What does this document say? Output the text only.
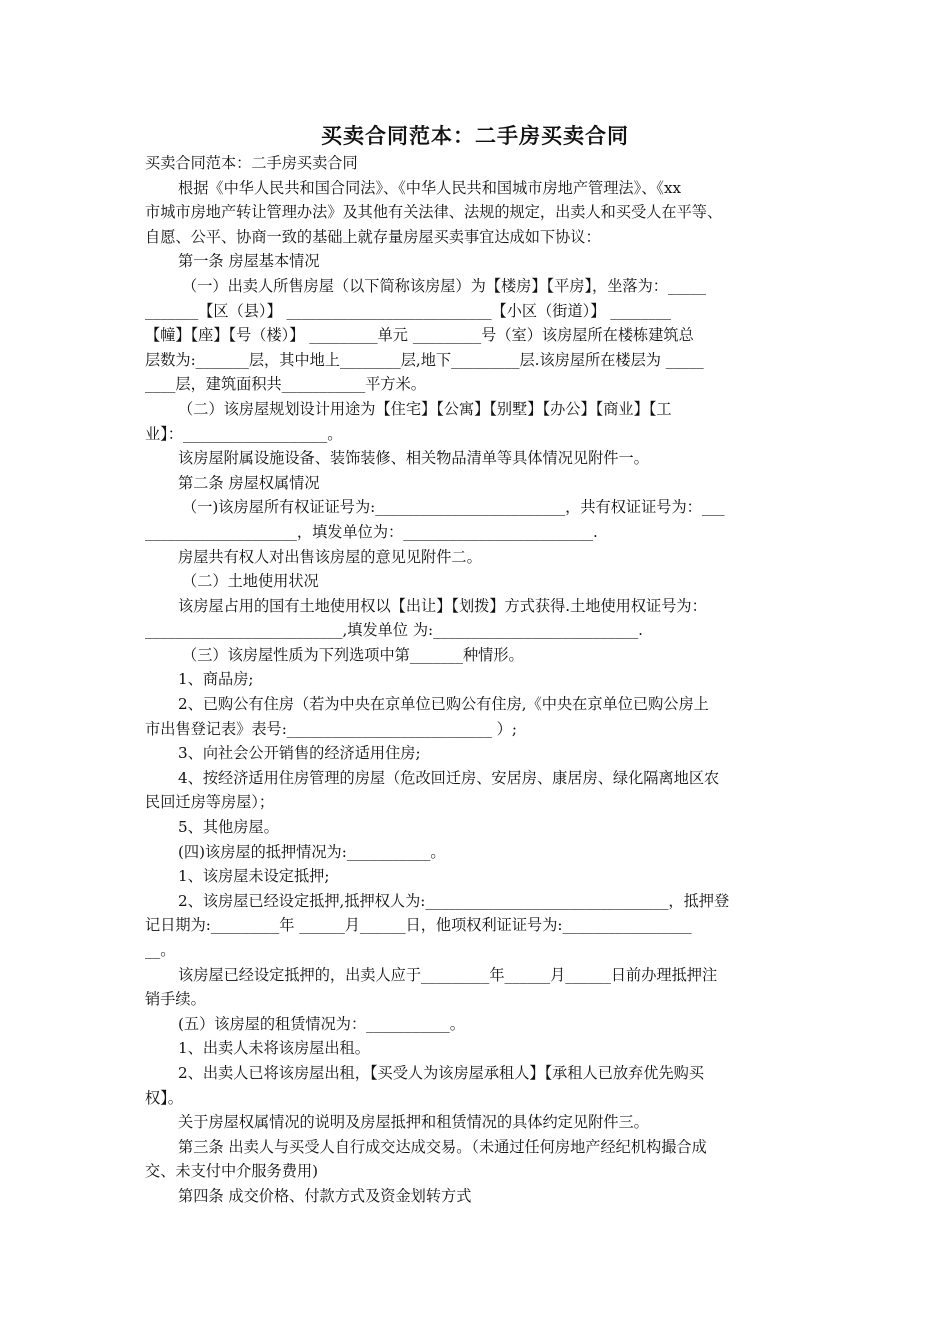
买卖合同范本：二手房买卖合同

买卖合同范本：二手房买卖合同

根据《中华人民共和国合同法》、《中华人民共和国城市房地产管理法》、《xx

市城市房地产转让管理办法》及其他有关法律、法规的规定，出卖人和买受人在平等、

自愿、公平、协商一致的基础上就存量房屋买卖事宜达成如下协议：

第一条 房屋基本情况

（一）出卖人所售房屋（以下简称该房屋）为【楼房】【平房】，坐落为：_____

_______【区（县）】 ___________________________【小区（街道）】 ________

【幢】【座】【号（楼）】 _________单元 _________号（室）该房屋所在楼栋建筑总

层数为:_______层，其中地上________层,地下_________层.该房屋所在楼层为 _____

____层，建筑面积共___________平方米。

（二）该房屋规划设计用途为【住宅】【公寓】【别墅】【办公】【商业】【工

业】：___________________。

该房屋附属设施设备、装饰装修、相关物品清单等具体情况见附件一。

第二条 房屋权属情况

（一)该房屋所有权证证号为:_________________________，共有权证证号为：___

____________________，填发单位为：_________________________.

房屋共有权人对出售该房屋的意见见附件二。

（二）土地使用状况

该房屋占用的国有土地使用权以【出让】【划拨】方式获得.土地使用权证号为：

__________________________,填发单位 为:___________________________.

（三）该房屋性质为下列选项中第_______种情形。

1、商品房;

2、已购公有住房（若为中央在京单位已购公有住房,《中央在京单位已购公房上

市出售登记表》表号:___________________________ ）;

3、向社会公开销售的经济适用住房;

4、按经济适用住房管理的房屋（危改回迁房、安居房、康居房、绿化隔离地区农

民回迁房等房屋）；

5、其他房屋。

(四)该房屋的抵押情况为:___________。

1、该房屋未设定抵押;

2、该房屋已经设定抵押,抵押权人为:________________________________，抵押登

记日期为:_________年 ______月______日，他项权利证证号为:_________________

__。

该房屋已经设定抵押的，出卖人应于_________年______月______日前办理抵押注

销手续。

(五）该房屋的租赁情况为：___________。

1、出卖人未将该房屋出租。

2、出卖人已将该房屋出租，【买受人为该房屋承租人】【承租人已放弃优先购买

权】。

关于房屋权属情况的说明及房屋抵押和租赁情况的具体约定见附件三。

第三条 出卖人与买受人自行成交达成交易。（未通过任何房地产经纪机构撮合成

交、未支付中介服务费用)

第四条 成交价格、付款方式及资金划转方式
